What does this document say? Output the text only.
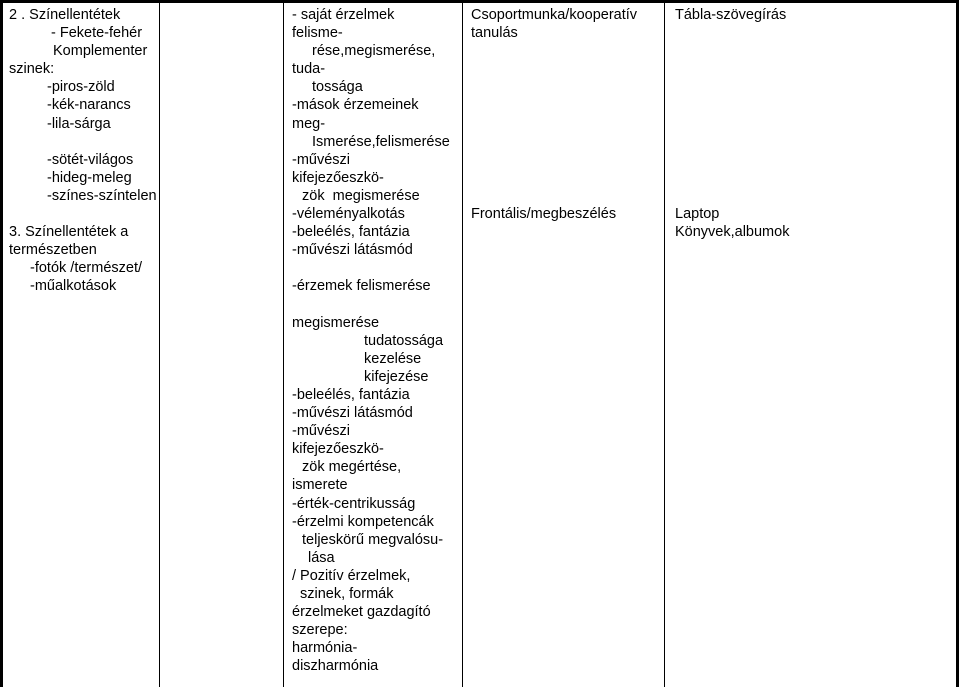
2 . Színellentétek
- Fekete-fehér
Komplementer
szinek:
-piros-zöld
-kék-narancs
-lila-sárga
-sötét-világos
-hideg-meleg
-színes-színtelen
3. Színellentétek a
természetben
-fotók /természet/
-műalkotások
- saját érzelmek
felisme-
rése,megismerése,
tuda-
tossága
-mások érzemeinek
meg-
Ismerése,felismerése
-művészi
kifejezőeszkö-
zök  megismerése
-véleményalkotás
-beleélés, fantázia
-művészi látásmód
-érzemek felismerése
megismerése
tudatossága
kezelése
kifejezése
-beleélés, fantázia
-művészi látásmód
-művészi
kifejezőeszkö-
zök megértése,
ismerete
-érték-centrikusság
-érzelmi kompetencák
teljeskörű megvalósu-
lása
/ Pozitív érzelmek,
szinek, formák
érzelmeket gazdagító
szerepe:
harmónia-
diszharmónia
Csoportmunka/kooperatív
tanulás
Frontális/megbeszélés
Tábla-szövegírás
Laptop
Könyvek,albumok
